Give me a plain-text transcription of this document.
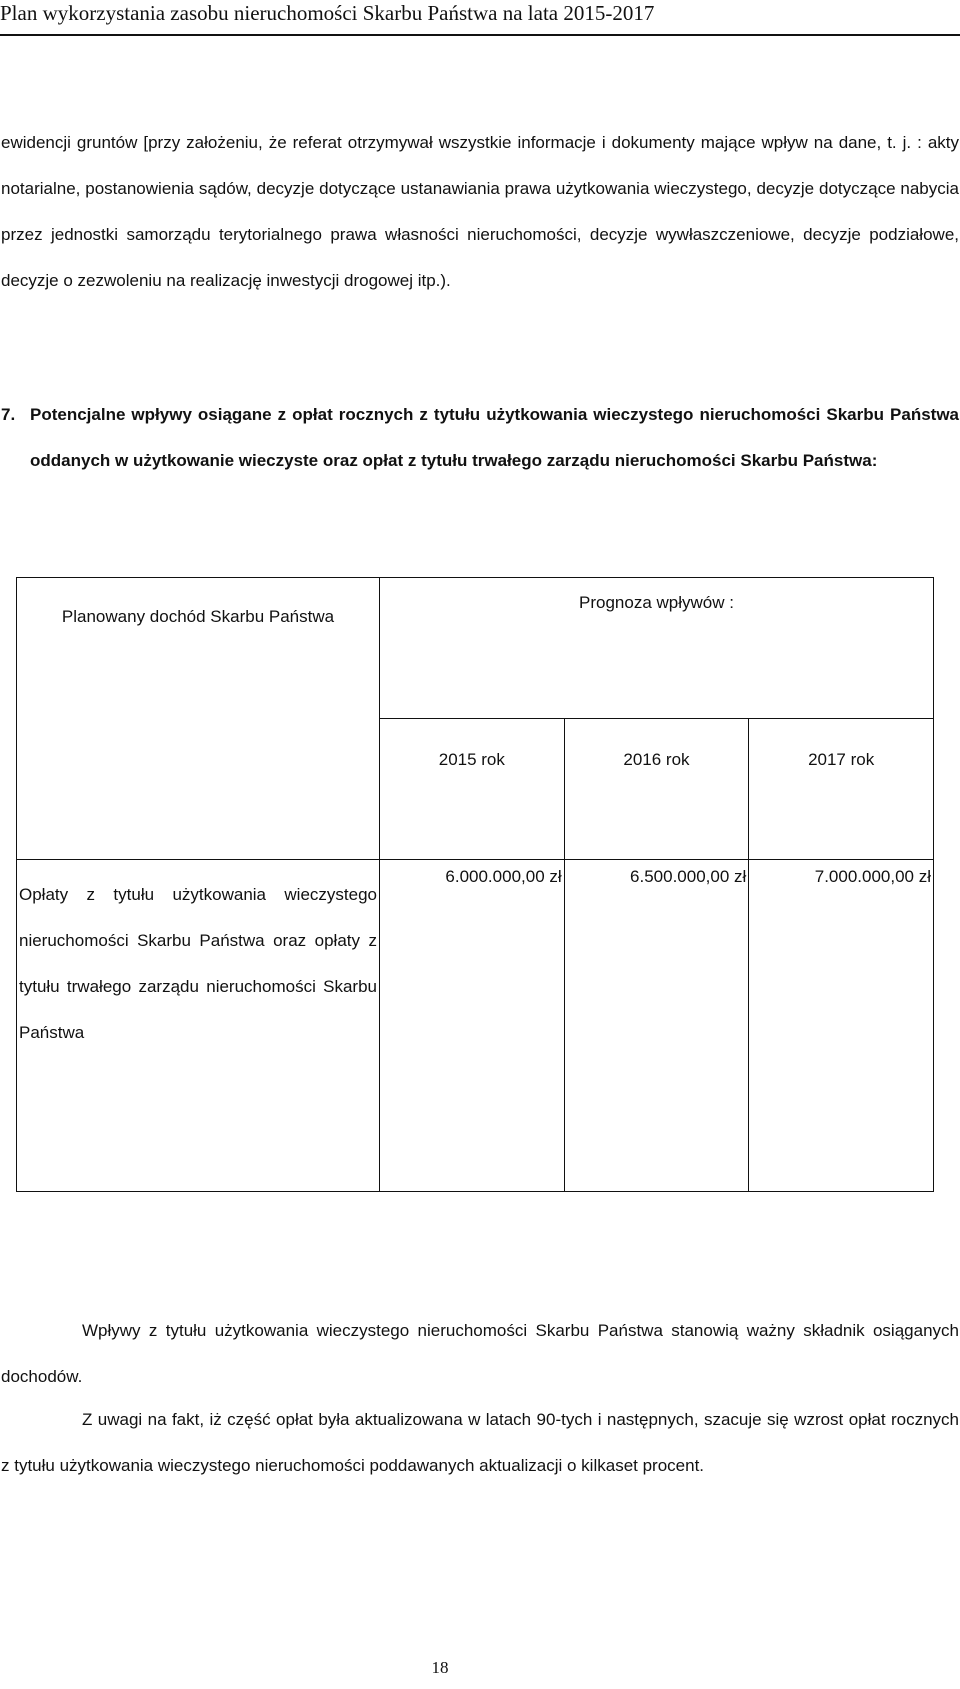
Plan wykorzystania zasobu nieruchomości Skarbu Państwa na lata 2015-2017

ewidencji gruntów [przy założeniu, że referat otrzymywał wszystkie informacje i dokumenty mające wpływ na dane, t. j. : akty notarialne, postanowienia sądów, decyzje dotyczące ustanawiania prawa użytkowania wieczystego, decyzje dotyczące nabycia przez jednostki samorządu terytorialnego prawa własności nieruchomości, decyzje wywłaszczeniowe, decyzje podziałowe, decyzje o zezwoleniu na realizację inwestycji drogowej itp.).

7. Potencjalne wpływy osiągane z opłat rocznych z tytułu użytkowania wieczystego nieruchomości Skarbu Państwa oddanych w użytkowanie wieczyste oraz opłat z tytułu trwałego zarządu nieruchomości Skarbu Państwa:
Planowany dochód Skarbu Państwa	Prognoza wpływów :		

	2015 rok	2016 rok	2017 rok

Opłaty z tytułu użytkowania wieczystego nieruchomości Skarbu Państwa oraz opłaty z tytułu trwałego zarządu nieruchomości Skarbu Państwa	6.000.000,00 zł	6.500.000,00 zł	7.000.000,00 zł

Wpływy z tytułu użytkowania wieczystego nieruchomości Skarbu Państwa stanowią ważny składnik osiąganych dochodów.

Z uwagi na fakt, iż część opłat była aktualizowana w latach 90-tych i następnych, szacuje się wzrost opłat rocznych z tytułu użytkowania wieczystego nieruchomości poddawanych aktualizacji o kilkaset procent.

18
